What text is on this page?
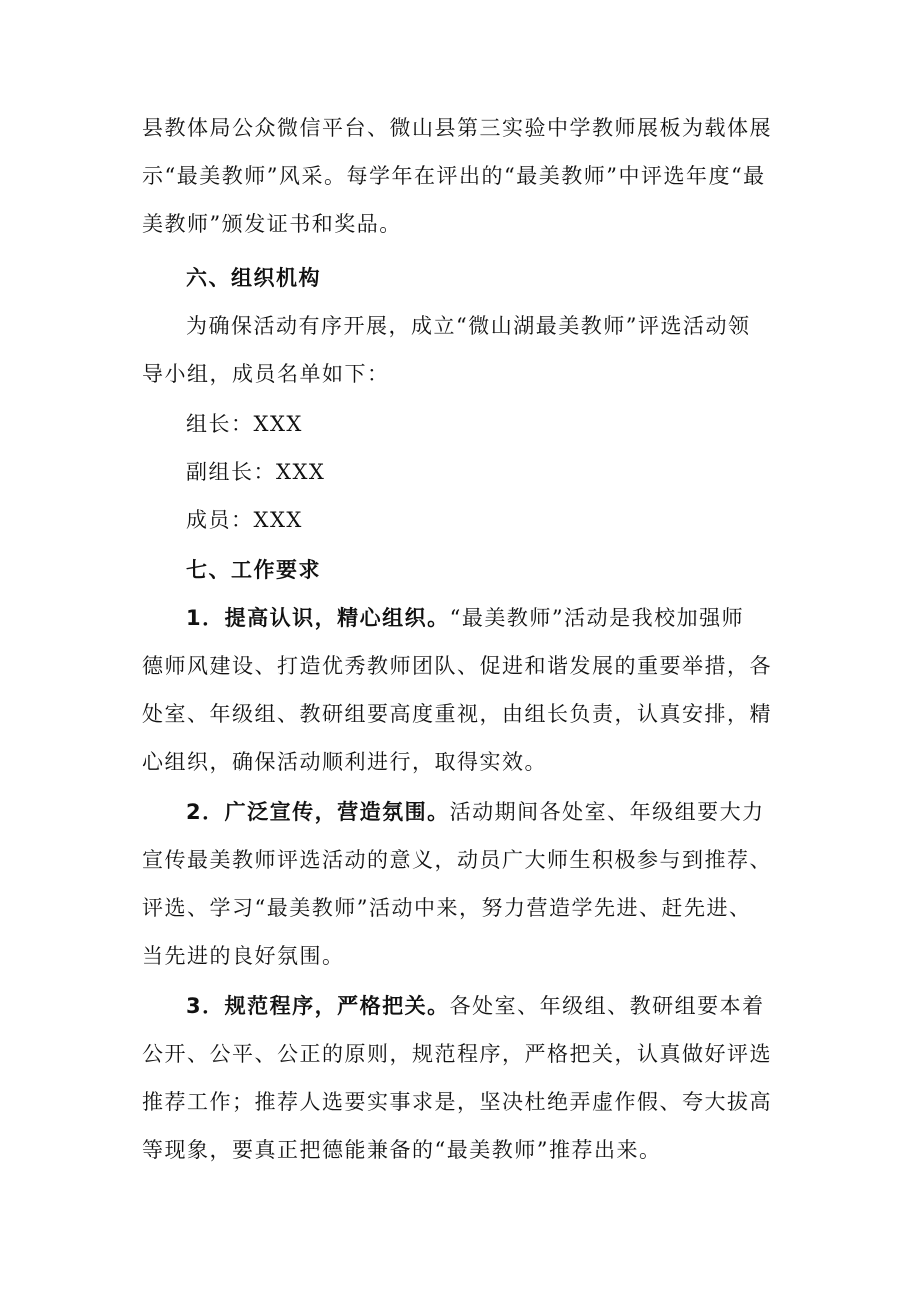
县教体局公众微信平台、微山县第三实验中学教师展板为载体展
示“最美教师”风采。每学年在评出的“最美教师”中评选年度“最
美教师”颁发证书和奖品。
六、组织机构
为确保活动有序开展，成立“微山湖最美教师”评选活动领
导小组，成员名单如下：
组长：XXX
副组长：XXX
成员：XXX
七、工作要求
1．提高认识，精心组织。“最美教师”活动是我校加强师
德师风建设、打造优秀教师团队、促进和谐发展的重要举措，各
处室、年级组、教研组要高度重视，由组长负责，认真安排，精
心组织，确保活动顺利进行，取得实效。
2．广泛宣传，营造氛围。活动期间各处室、年级组要大力
宣传最美教师评选活动的意义，动员广大师生积极参与到推荐、
评选、学习“最美教师”活动中来，努力营造学先进、赶先进、
当先进的良好氛围。
3．规范程序，严格把关。各处室、年级组、教研组要本着
公开、公平、公正的原则，规范程序，严格把关，认真做好评选
推荐工作；推荐人选要实事求是，坚决杜绝弄虚作假、夸大拔高
等现象，要真正把德能兼备的“最美教师”推荐出来。
